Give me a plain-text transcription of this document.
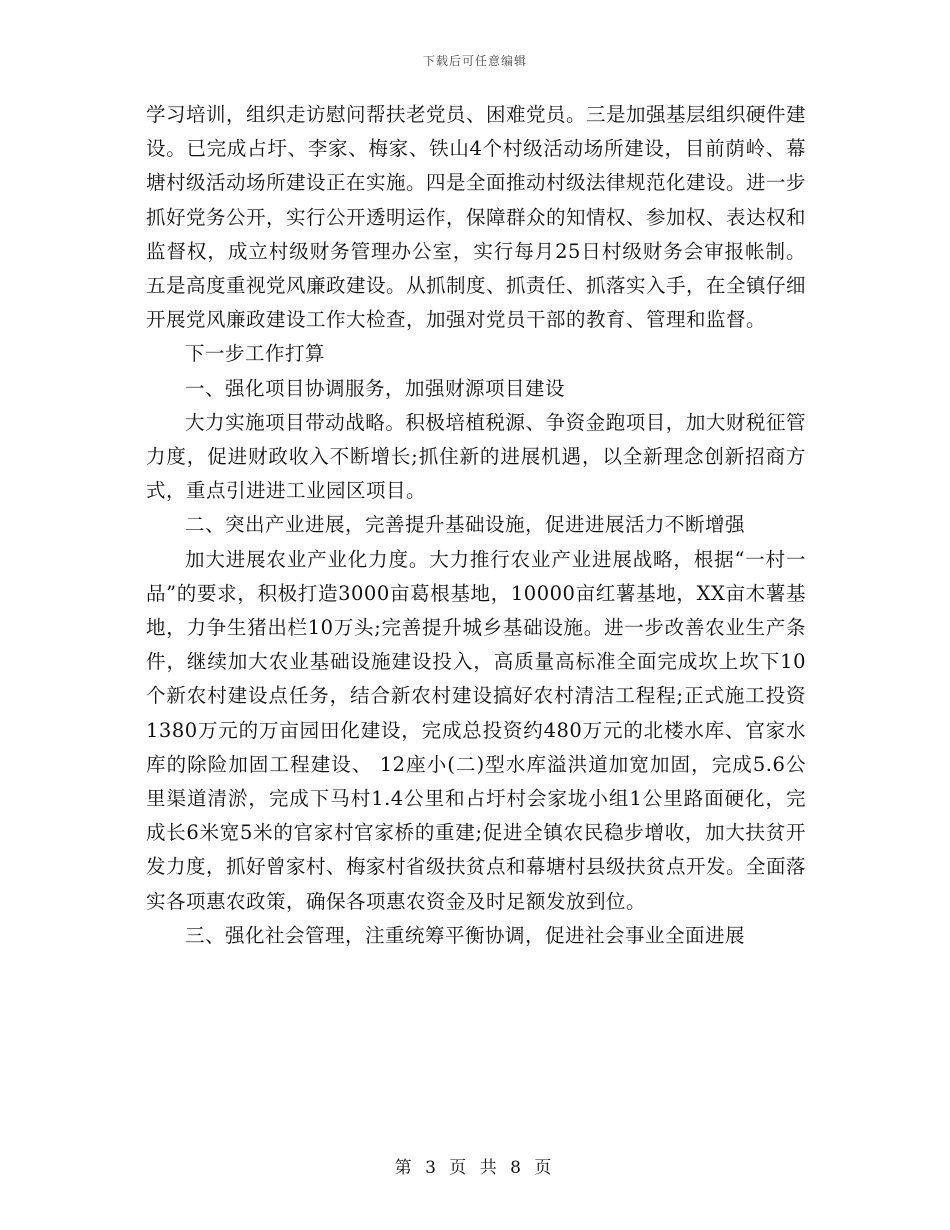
下载后可任意编辑

学习培训，组织走访慰问帮扶老党员、困难党员。三是加强基层组织硬件建设。已完成占圩、李家、梅家、铁山4个村级活动场所建设，目前荫岭、幕塘村级活动场所建设正在实施。四是全面推动村级法律规范化建设。进一步抓好党务公开，实行公开透明运作，保障群众的知情权、参加权、表达权和监督权，成立村级财务管理办公室，实行每月25日村级财务会审报帐制。五是高度重视党风廉政建设。从抓制度、抓责任、抓落实入手，在全镇仔细开展党风廉政建设工作大检查，加强对党员干部的教育、管理和监督。

下一步工作打算

一、强化项目协调服务，加强财源项目建设

大力实施项目带动战略。积极培植税源、争资金跑项目，加大财税征管力度，促进财政收入不断增长;抓住新的进展机遇，以全新理念创新招商方式，重点引进进工业园区项目。

二、突出产业进展，完善提升基础设施，促进进展活力不断增强

加大进展农业产业化力度。大力推行农业产业进展战略，根据“一村一品”的要求，积极打造3000亩葛根基地，10000亩红薯基地，XX亩木薯基地，力争生猪出栏10万头;完善提升城乡基础设施。进一步改善农业生产条件，继续加大农业基础设施建设投入，高质量高标准全面完成坎上坎下10个新农村建设点任务，结合新农村建设搞好农村清洁工程程;正式施工投资1380万元的万亩园田化建设，完成总投资约480万元的北楼水库、官家水库的除险加固工程建设、 12座小(二)型水库溢洪道加宽加固，完成5.6公里渠道清淤，完成下马村1.4公里和占圩村会家垅小组1公里路面硬化，完成长6米宽5米的官家村官家桥的重建;促进全镇农民稳步增收，加大扶贫开发力度，抓好曾家村、梅家村省级扶贫点和幕塘村县级扶贫点开发。全面落实各项惠农政策，确保各项惠农资金及时足额发放到位。

三、强化社会管理，注重统筹平衡协调，促进社会事业全面进展

第 3 页 共 8 页
